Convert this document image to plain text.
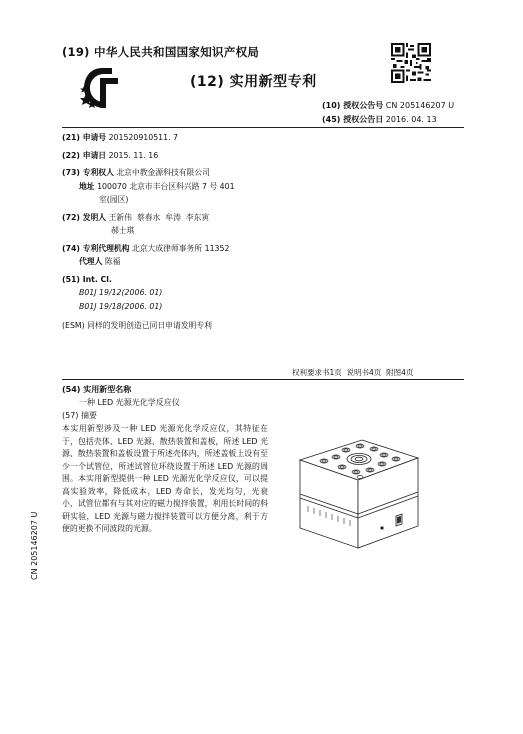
(19) 中华人民共和国国家知识产权局
(12) 实用新型专利
(10) 授权公告号 CN 205146207 U
(45) 授权公告日 2016. 04. 13
(21) 申请号 201520910511. 7
(22) 申请日 2015. 11. 16
(73) 专利权人 北京中教金源科技有限公司
地址 100070 北京市丰台区科兴路 7 号 401
室(园区)
(72) 发明人 王新伟  蔡春水  牟涛  李东寅
郝士琪
(74) 专利代理机构 北京大成律师事务所 11352
代理人 陈福
(51) Int. Cl.
B01J 19/12(2006. 01)
B01J 19/18(2006. 01)
(ESM) 同样的发明创造已同日申请发明专利
权利要求书1页  说明书4页  附图4页
(54) 实用新型名称
一种 LED 光源光化学反应仪
(57) 摘要
本实用新型涉及一种 LED 光源光化学反应仪，其特征在于，包括壳体、LED 光源、散热装置和盖板，所述 LED 光源、散热装置和盖板设置于所述壳体内，所述盖板上设有至少一个试管位，所述试管位环绕设置于所述 LED 光源的周围。本实用新型提供一种 LED 光源光化学反应仪，可以提高实验效率，降低成本，LED 寿命长，发光均匀，光衰小，试管位都有与其对应的磁力搅拌装置，利用长时间的科研实验，LED 光源与磁力搅拌装置可以方便分离，利于方便的更换不同波段的光源。
CN 205146207 U
